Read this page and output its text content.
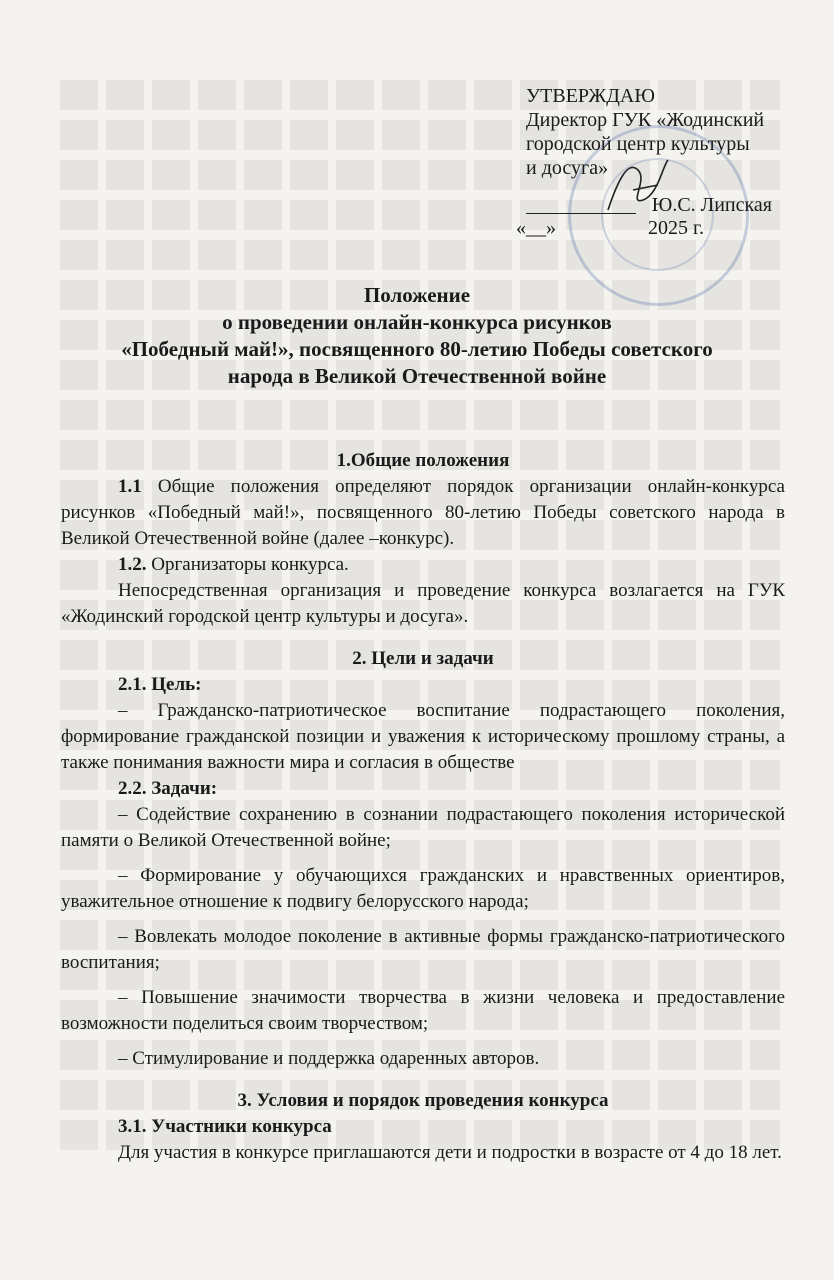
УТВЕРЖДАЮ
Директор ГУК «Жодинский
городской центр культуры
и досуга»
Ю.С. Липская
«__»	2025 г.
Положение
о проведении онлайн-конкурса рисунков
«Победный май!», посвященного 80-летию Победы советского
народа в Великой Отечественной войне

1.Общие положения

1.1 Общие положения определяют порядок организации онлайн-конкурса рисунков «Победный май!», посвященного 80-летию Победы советского народа в Великой Отечественной войне (далее –конкурс).

1.2. Организаторы конкурса.

Непосредственная организация и проведение конкурса возлагается на ГУК «Жодинский городской центр культуры и досуга».

2. Цели и задачи

2.1. Цель:

– Гражданско-патриотическое воспитание подрастающего поколения, формирование гражданской позиции и уважения к историческому прошлому страны, а также понимания важности мира и согласия в обществе

2.2. Задачи:

– Содействие сохранению в сознании подрастающего поколения исторической памяти о Великой Отечественной войне;

– Формирование у обучающихся гражданских и нравственных ориентиров, уважительное отношение к подвигу белорусского народа;

– Вовлекать молодое поколение в активные формы гражданско-патриотического воспитания;

– Повышение значимости творчества в жизни человека и предоставление возможности поделиться своим творчеством;

– Стимулирование и поддержка одаренных авторов.

3. Условия и порядок проведения конкурса

3.1. Участники конкурса

Для участия в конкурсе приглашаются дети и подростки в возрасте от 4 до 18 лет.
